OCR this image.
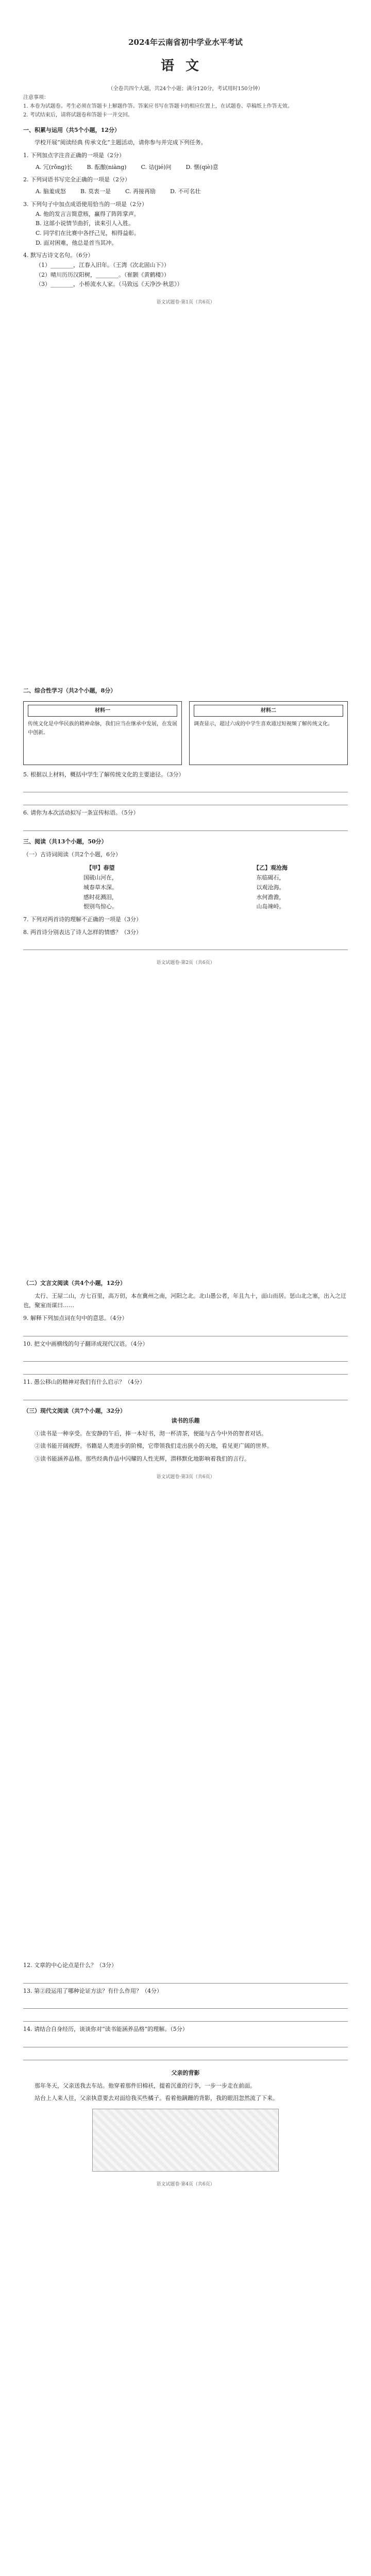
2024年云南省初中学业水平考试
语文
（全卷共四个大题，共24个小题；满分120分，考试用时150分钟）
注意事项：
1. 本卷为试题卷。考生必须在答题卡上解题作答。答案应书写在答题卡的相应位置上，在试题卷、草稿纸上作答无效。
2. 考试结束后，请将试题卷和答题卡一并交回。
一、积累与运用（共5个小题，12分）
学校开展“阅读经典 传承文化”主题活动，请你参与并完成下列任务。
1. 下列加点字注音正确的一项是（2分）
A. 冗(rǒng)长	B. 酝酿(niàng)	C. 诘(jié)问	D. 惬(qiè)意
2. 下列词语书写完全正确的一项是（2分）
A. 脑羞成怒	B. 莫衷一是	C. 再接再励	D. 不可名壮
3. 下列句子中加点成语使用恰当的一项是（2分）
A. 他的发言言简意赅，赢得了阵阵掌声。
B. 这部小说情节曲折，读来引人入胜。
C. 同学们在比赛中各抒己见，相得益彰。
D. 面对困难，他总是首当其冲。
4. 默写古诗文名句。（6分）
（1）________，江春入旧年。（王湾《次北固山下》）
（2）晴川历历汉阳树，________。（崔颢《黄鹤楼》）
（3）________，小桥流水人家。（马致远《天净沙·秋思》）
语文试题卷·第1页（共6页）
二、综合性学习（共2个小题，8分）
材料一
传统文化是中华民族的精神命脉，我们应当在继承中发展，在发展中创新。
材料二
调查显示，超过六成的中学生喜欢通过短视频了解传统文化。
5. 根据以上材料，概括中学生了解传统文化的主要途径。（3分）
6. 请你为本次活动拟写一条宣传标语。（5分）
三、阅读（共13个小题，50分）
（一）古诗词阅读（共2个小题，6分）
【甲】春望
国破山河在，
城春草木深。
感时花溅泪，
恨别鸟惊心。
【乙】观沧海
东临碣石，
以观沧海。
水何澹澹，
山岛竦峙。
7. 下列对两首诗的理解不正确的一项是（3分）
8. 两首诗分别表达了诗人怎样的情感？（3分）
语文试题卷·第2页（共6页）
（二）文言文阅读（共4个小题，12分）
太行、王屋二山，方七百里，高万仞，本在冀州之南，河阳之北。北山愚公者，年且九十，面山而居。惩山北之塞，出入之迂也，聚室而谋曰……
9. 解释下列加点词在句中的意思。（4分）
10. 把文中画横线的句子翻译成现代汉语。（4分）
11. 愚公移山的精神对我们有什么启示？（4分）
（三）现代文阅读（共7个小题，32分）
读书的乐趣
①读书是一种享受。在安静的午后，捧一本好书，沏一杯清茶，便能与古今中外的智者对话。
②读书能开阔视野。书籍是人类进步的阶梯，它带领我们走出狭小的天地，看见更广阔的世界。
③读书能涵养品格。那些经典作品中闪耀的人性光辉，潜移默化地影响着我们的言行。
语文试题卷·第3页（共6页）
12. 文章的中心论点是什么？（3分）
13. 第②段运用了哪种论证方法？有什么作用？（4分）
14. 请结合自身经历，谈谈你对“读书能涵养品格”的理解。（5分）
父亲的背影
那年冬天，父亲送我去车站。他穿着那件旧棉袄，提着沉重的行李，一步一步走在前面。
站台上人来人往，父亲执意要去对面给我买些橘子。看着他蹒跚的背影，我的眼泪忽然流了下来。
语文试题卷·第4页（共6页）
